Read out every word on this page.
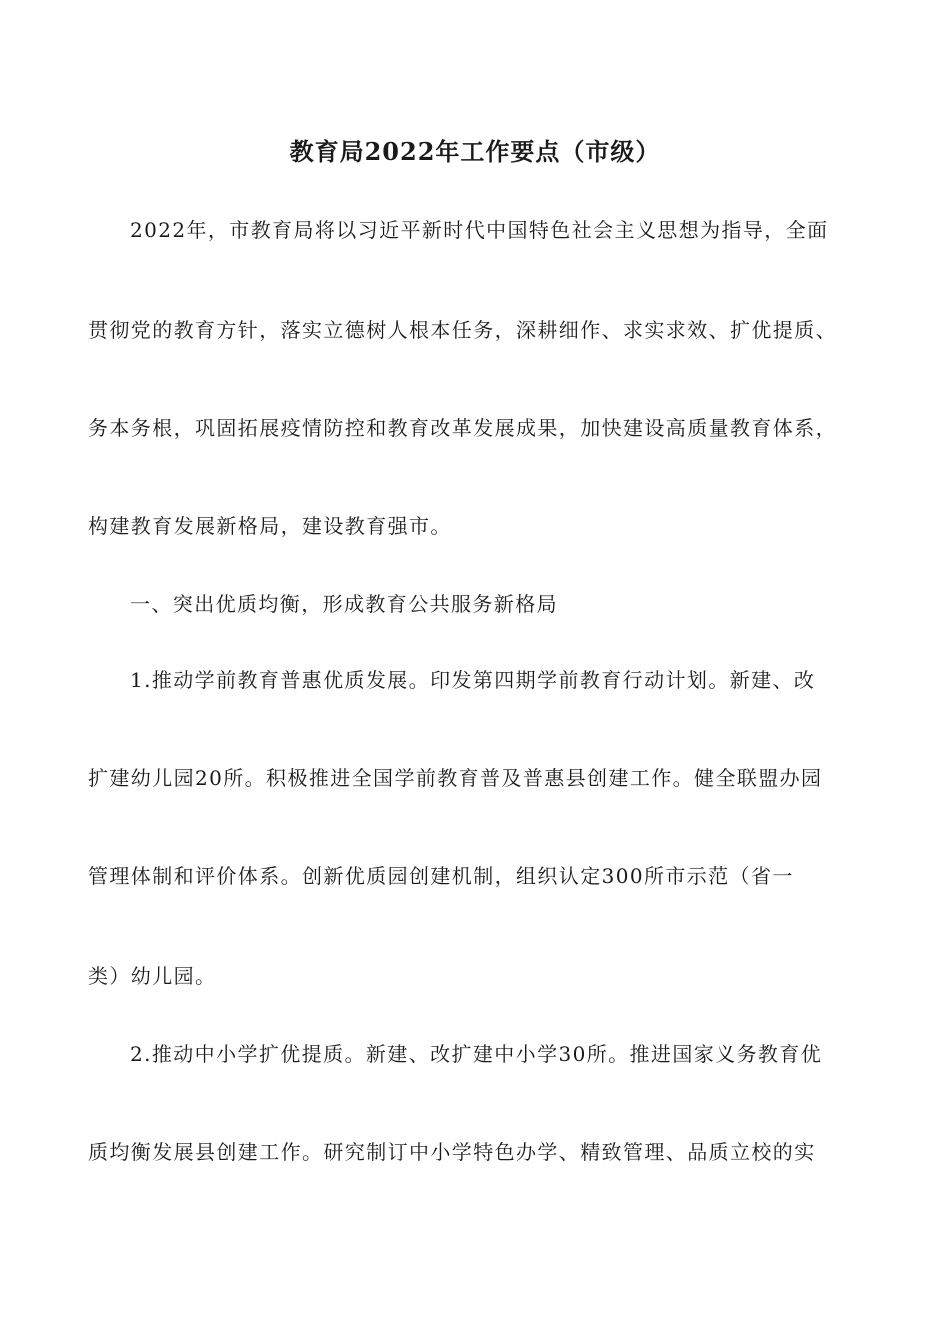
教育局2022年工作要点（市级）

2022年，市教育局将以习近平新时代中国特色社会主义思想为指导，全面

贯彻党的教育方针，落实立德树人根本任务，深耕细作、求实求效、扩优提质、

务本务根，巩固拓展疫情防控和教育改革发展成果，加快建设高质量教育体系，

构建教育发展新格局，建设教育强市。

一、突出优质均衡，形成教育公共服务新格局

1.推动学前教育普惠优质发展。印发第四期学前教育行动计划。新建、改

扩建幼儿园20所。积极推进全国学前教育普及普惠县创建工作。健全联盟办园

管理体制和评价体系。创新优质园创建机制，组织认定300所市示范（省一

类）幼儿园。

2.推动中小学扩优提质。新建、改扩建中小学30所。推进国家义务教育优

质均衡发展县创建工作。研究制订中小学特色办学、精致管理、品质立校的实
